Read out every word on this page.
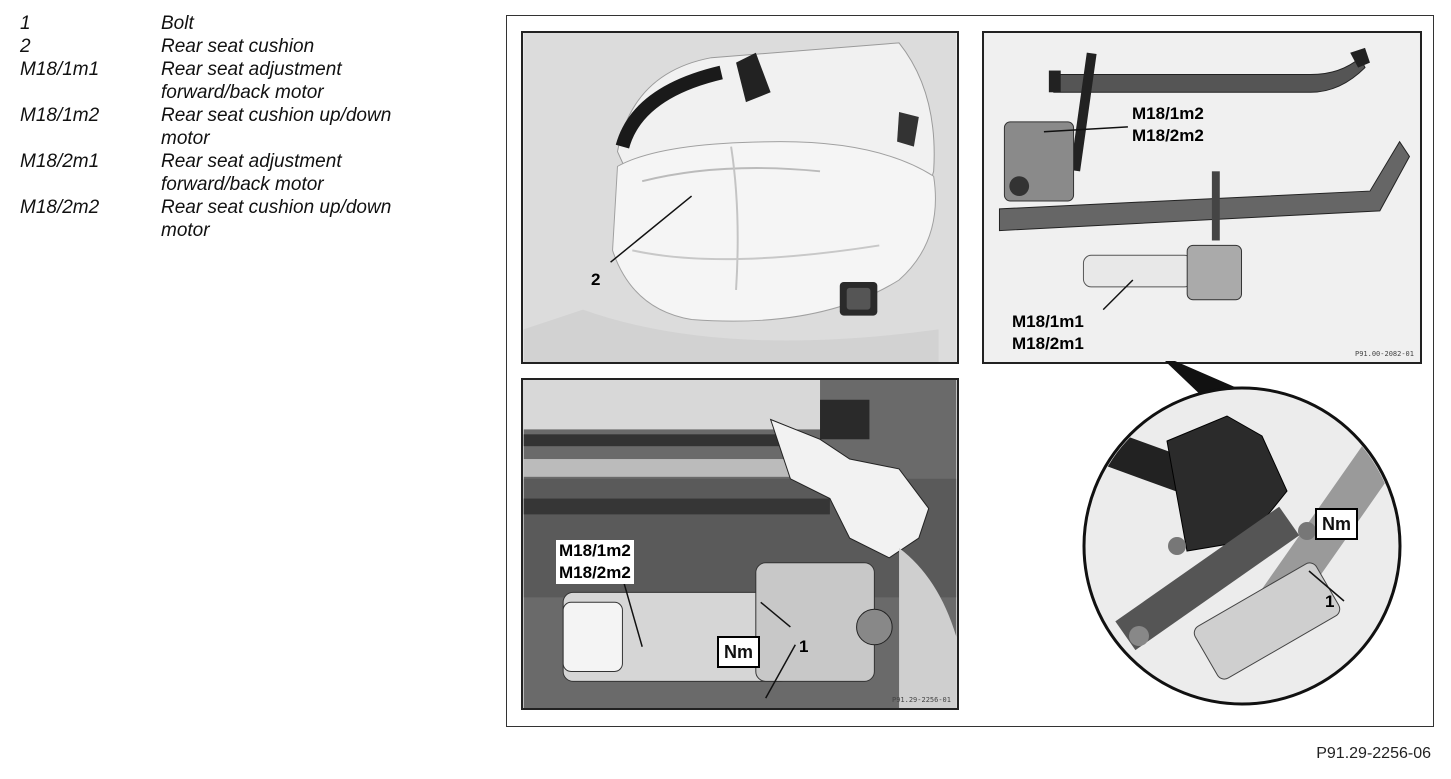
1	Bolt
2	Rear seat cushion
M18/1m1	Rear seat adjustment
forward/back motor
M18/1m2	Rear seat cushion up/down
motor
M18/2m1	Rear seat adjustment
forward/back motor
M18/2m2	Rear seat cushion up/down
motor
2
M18/1m2
M18/2m2
M18/1m1
M18/2m1
P91.00-2082-01
M18/1m2
M18/2m2
Nm	1
P91.29-2256-01
Nm
1
P91.29-2256-06
